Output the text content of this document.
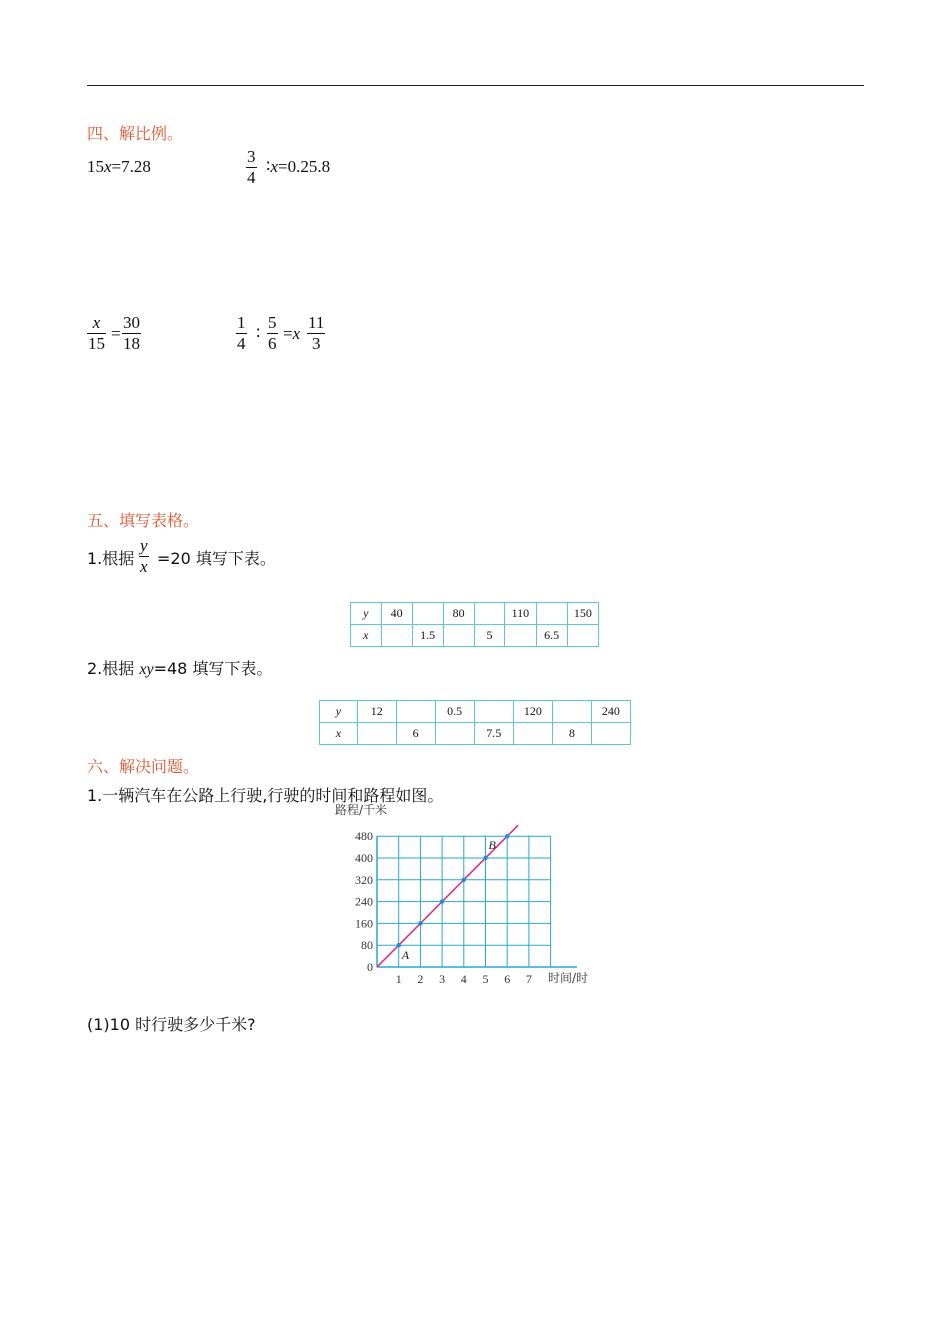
四、解比例。
15x=7.28	$\frac{3}{4}$ ∶x=0.25.8
$\frac{x}{15} = \frac{30}{18}$	$\frac{1}{4}$ ∶ $\frac{5}{6} =x \frac{11}{3}$
五、填写表格。
1.根据 $\frac{y}{x} =20$ 填写下表。
y	40		80		110		150
x		1.5		5		6.5	
2.根据 xy=48 填写下表。
y	12		0.5		120		240
x		6		7.5		8	
六、解决问题。
1.一辆汽车在公路上行驶,行驶的时间和路程如图。
1 2 3 4 5 6 7
0
80
160
240
320
400
480
A
B
路程/千米
时间/时
(1)10 时行驶多少千米?
